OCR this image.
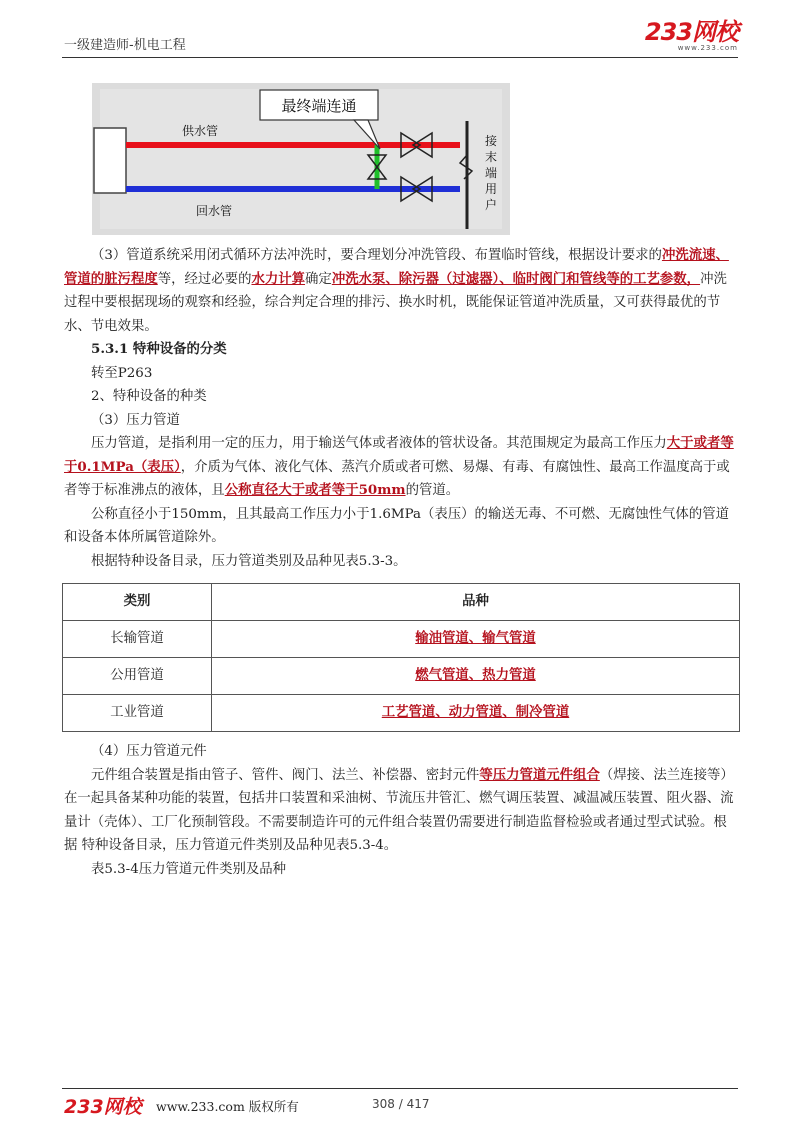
一级建造师-机电工程	233网校
www.233.com
最终端连通
供水管
回水管
接
末
端
用
户

（3）管道系统采用闭式循环方法冲洗时，要合理划分冲洗管段、布置临时管线，根据设计要求的冲洗流速、管道的脏污程度等，经过必要的水力计算确定冲洗水泵、除污器（过滤器）、临时阀门和管线等的工艺参数，冲洗过程中要根据现场的观察和经验，综合判定合理的排污、换水时机，既能保证管道冲洗质量，又可获得最优的节水、节电效果。

5.3.1 特种设备的分类

转至P263

2、特种设备的种类

（3）压力管道

压力管道，是指利用一定的压力，用于输送气体或者液体的管状设备。其范围规定为最高工作压力大于或者等于0.1MPa（表压），介质为气体、液化气体、蒸汽介质或者可燃、易爆、有毒、有腐蚀性、最高工作温度高于或者等于标准沸点的液体，且公称直径大于或者等于50mm的管道。

公称直径小于150mm，且其最高工作压力小于1.6MPa（表压）的输送无毒、不可燃、无腐蚀性气体的管道和设备本体所属管道除外。

根据特种设备目录，压力管道类别及品种见表5.3-3。

类别	品种
长输管道	输油管道、输气管道
公用管道	燃气管道、热力管道
工业管道	工艺管道、动力管道、制冷管道

（4）压力管道元件

元件组合装置是指由管子、管件、阀门、法兰、补偿器、密封元件等压力管道元件组合（焊接、法兰连接等）在一起具备某种功能的装置，包括井口装置和采油树、节流压井管汇、燃气调压装置、减温减压装置、阻火器、流量计（壳体）、工厂化预制管段。不需要制造许可的元件组合装置仍需要进行制造监督检验或者通过型式试验。根据 特种设备目录，压力管道元件类别及品种见表5.3-4。

表5.3-4压力管道元件类别及品种

233网校 www.233.com 版权所有	308 / 417
